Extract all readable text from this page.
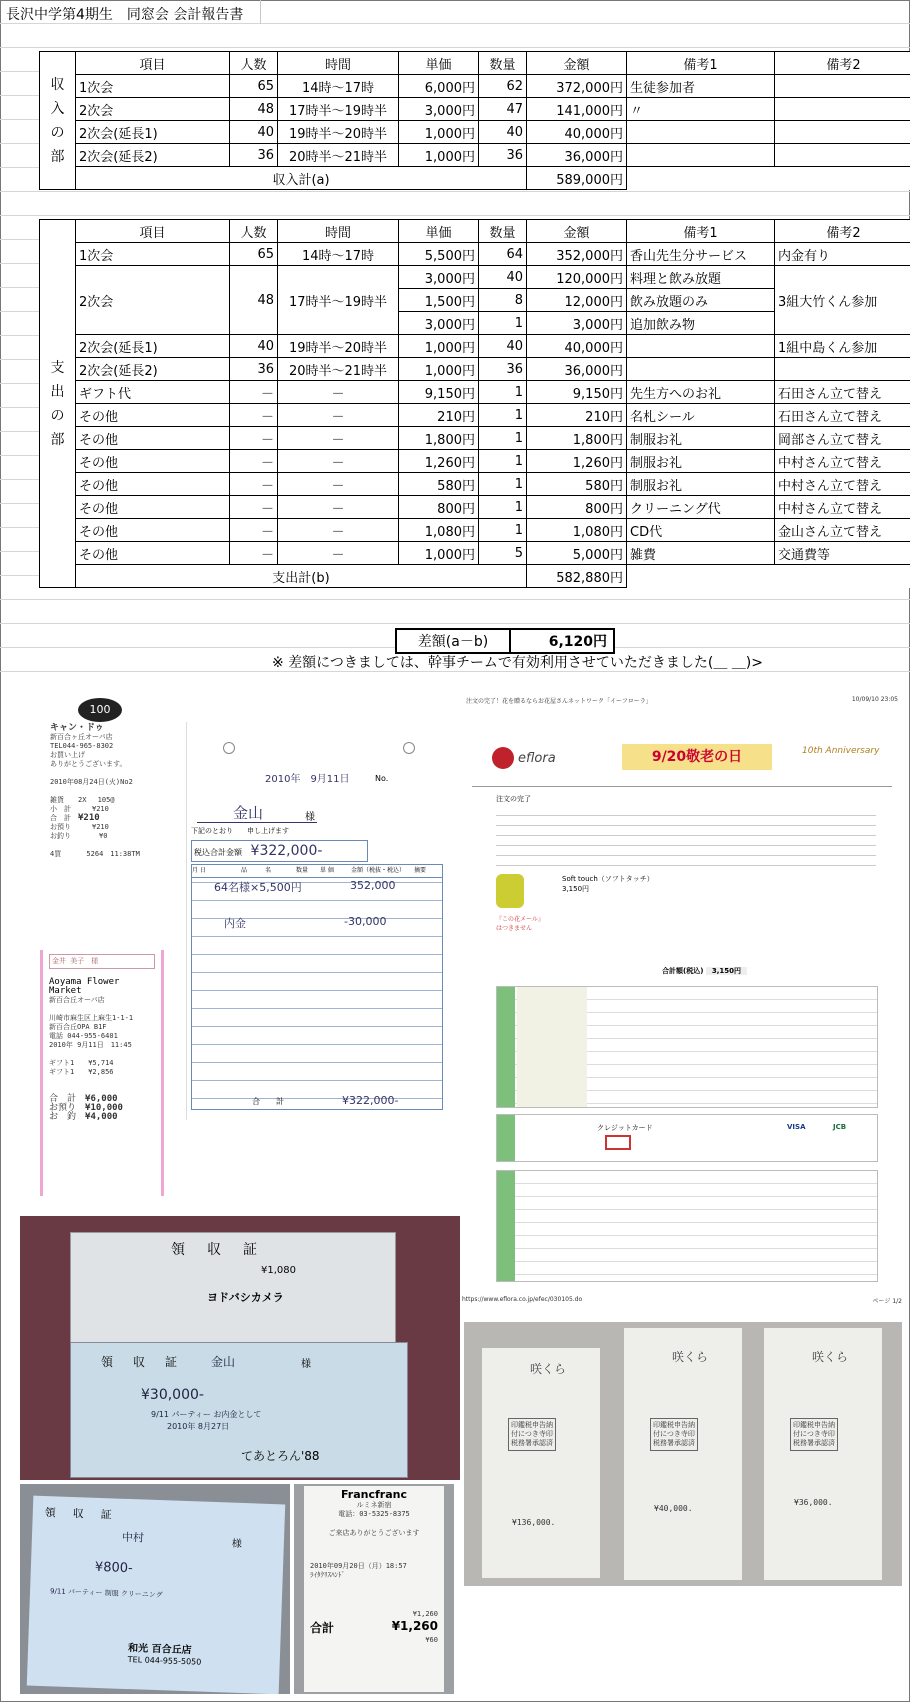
長沢中学第4期生　同窓会 会計報告書
収
入
の
部	項目	人数	時間	単価	数量	金額	備考1	備考2
	1次会	65	14時～17時	6,000円	62	372,000円	生徒参加者	
	2次会	48	17時半～19時半	3,000円	47	141,000円	〃	
	2次会(延長1)	40	19時半～20時半	1,000円	40	40,000円		
	2次会(延長2)	36	20時半～21時半	1,000円	36	36,000円		
	収入計(a)					589,000円		
支
出
の
部	項目	人数	時間	単価	数量	金額	備考1	備考2
	1次会	65	14時～17時	5,500円	64	352,000円	香山先生分サービス	内金有り
	2次会	48	17時半～19時半	3,000円	40	120,000円	料理と飲み放題	3組大竹くん参加
				1,500円	8	12,000円	飲み放題のみ	
				3,000円	1	3,000円	追加飲み物	
	2次会(延長1)	40	19時半～20時半	1,000円	40	40,000円		1組中島くん参加
	2次会(延長2)	36	20時半～21時半	1,000円	36	36,000円		
	ギフト代	－	－	9,150円	1	9,150円	先生方へのお礼	石田さん立て替え
	その他	－	－	210円	1	210円	名札シール	石田さん立て替え
	その他	－	－	1,800円	1	1,800円	制服お礼	岡部さん立て替え
	その他	－	－	1,260円	1	1,260円	制服お礼	中村さん立て替え
	その他	－	－	580円	1	580円	制服お礼	中村さん立て替え
	その他	－	－	800円	1	800円	クリーニング代	中村さん立て替え
	その他	－	－	1,080円	1	1,080円	CD代	金山さん立て替え
	その他	－	－	1,000円	5	5,000円	雑費	交通費等
	支出計(b)					582,880円		
差額(a－b)	6,120円
※ 差額につきましては、幹事チームで有効利用させていただきました(＿ ＿)>
100
キャン・ドゥ
新百合ヶ丘オーパ店
TEL044-965-8302
お買い上げ
ありがとうございます。

2010年08月24日(火)No2

雑貨　　2X　 105@
小　計　　　¥210
合　計　 ¥210
お預り　　　¥210
お釣り　　　　¥0

4買　　　 5264　11:38TM
金井 美子　様

Aoyama Flower Market
新百合丘オーパ店

川崎市麻生区上麻生1-1-1
新百合丘OPA B1F
電話 044-955-6401
2010年 9月11日　11:45

ギフト1　　¥5,714
ギフト1　　¥2,856

合　計　 ¥6,000
お預り　 ¥10,000
お　釣　 ¥4,000
2010年　9月11日	No.
金山	様
下記のとおり　　申し上げます
税込合計金額 ¥322,000-
月 日	品　　　名	数量	単 価	金額（税抜・税込）	摘要
64名様×5,500円	352,000
内金	-30,000
合　　計	¥322,000-
注文の完了！花を贈るならお花屋さんネットワーク「イーフローラ」	10/09/10 23:05
eflora	9/20敬老の日	10th Anniversary
注文の完了
Soft touch（ソフトタッチ）
3,150円
『この花メール』はつきません
合計額(税込) 3,150円
クレジットカード
　　	VISA	JCB
https://www.eflora.co.jp/efec/030105.do	ページ 1/2
領　収　証
¥1,080
ヨドバシカメラ
領　収　証 金山	様
¥30,000-
9/11 パーティー お内金として
2010年 8月27日
てあとろん'88
咲くら
印鑑税申告納
付につき寺印
税務署承認済
¥136,000.
咲くら
印鑑税申告納
付につき寺印
税務署承認済
¥40,000.
咲くら
印鑑税申告納
付につき寺印
税務署承認済
¥36,000.
領　収　証
中村	様
¥800-
9/11 パーティー 制服 クリーニング
和光 百合丘店
TEL 044-955-5050
Francfranc
ルミネ新宿
電話：03-5325-8375
ご来店ありがとうございます
2010年09月20日（月）18:57
ﾗｲﾀｸﾘｽﾊﾝﾄﾞ
¥1,260
合計	¥1,260
¥60
